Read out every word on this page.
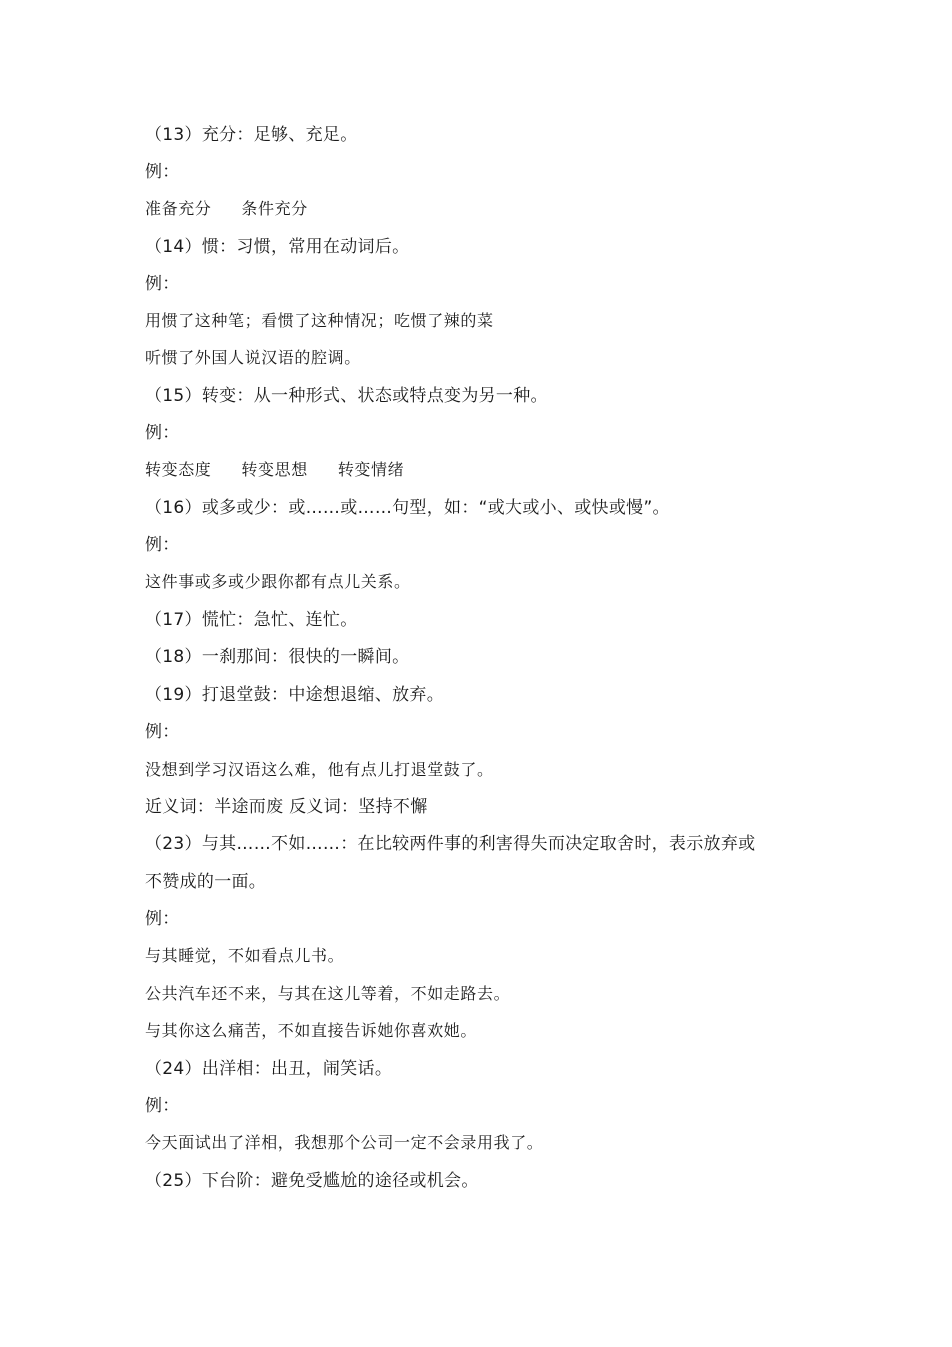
（13）充分：足够、充足。
例：
准备充分 条件充分
（14）惯：习惯，常用在动词后。
例：
用惯了这种笔；看惯了这种情况；吃惯了辣的菜
听惯了外国人说汉语的腔调。
（15）转变：从一种形式、状态或特点变为另一种。
例：
转变态度 转变思想 转变情绪
（16）或多或少：或……或……句型，如：“或大或小、或快或慢”。
例：
这件事或多或少跟你都有点儿关系。
（17）慌忙：急忙、连忙。
（18）一刹那间：很快的一瞬间。
（19）打退堂鼓：中途想退缩、放弃。
例：
没想到学习汉语这么难，他有点儿打退堂鼓了。
近义词：半途而废 反义词：坚持不懈
（23）与其……不如……：在比较两件事的利害得失而决定取舍时，表示放弃或
不赞成的一面。
例：
与其睡觉，不如看点儿书。
公共汽车还不来，与其在这儿等着，不如走路去。
与其你这么痛苦，不如直接告诉她你喜欢她。
（24）出洋相：出丑，闹笑话。
例：
今天面试出了洋相，我想那个公司一定不会录用我了。
（25）下台阶：避免受尴尬的途径或机会。
